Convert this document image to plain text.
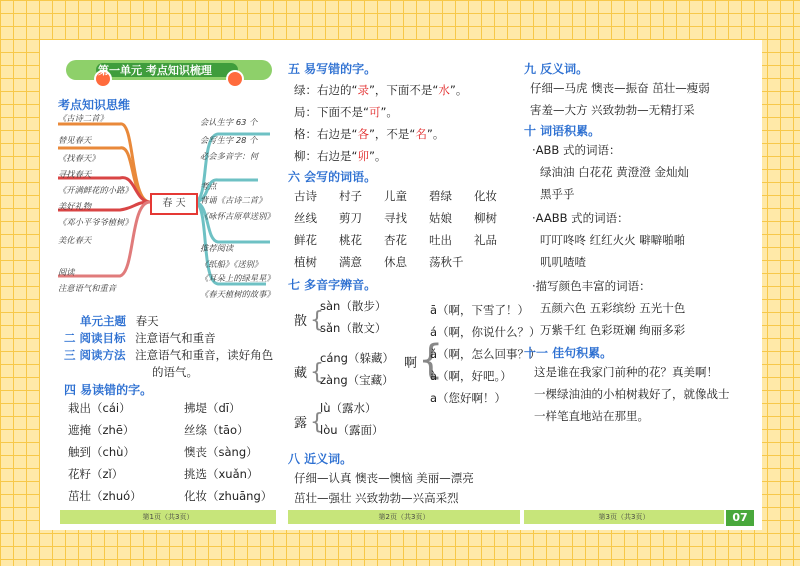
第一单元 考点知识梳理
考点知识思维
春 天
《古诗二首》
替见春天
《找春天》
寻找春天
《开满鲜花的小路》
美好礼物
《邓小平爷爷植树》
美化春天
阅读
注意语气和重音
会认生字 63 个
会写生字 28 个
必会多音字：何
考点
背诵《古诗二首》
《咏怀古原草送别》
推荐阅读
《纸船》《送别》
《耳朵上的绿星星》
《春天植树的故事》
单元主题 春天
二 阅读目标 注意语气和重音
三 阅读方法 注意语气和重音，读好角色
的语气。
四 易读错的字。
栽出（cái）	拂堤（dī）
遮掩（zhē）	丝绦（tāo）
触到（chù）	懊丧（sàng）
花籽（zǐ）	挑选（xuǎn）
茁壮（zhuó）	化妆（zhuāng）
第1页（共3页）
五 易写错的字。
绿：右边的“录”，下面不是“水”。
局：下面不是“可”。
格：右边是“各”，不是“名”。
柳：右边是“卯”。
六 会写的词语。
古诗 村子 儿童 碧绿 化妆
丝线 剪刀 寻找 姑娘 柳树
鲜花 桃花 杏花 吐出 礼品
植树 满意 休息 荡秋千
七 多音字辨音。
散 {
sàn（散步）
sǎn（散文）
藏 {
cáng（躲藏）
zàng（宝藏）
露 {
lù（露水）
lòu（露面）
啊 {
ā（啊，下雪了！）
á（啊，你说什么？）
ǎ（啊，怎么回事？）
à（啊，好吧。）
a（您好啊！）
八 近义词。
仔细—认真 懊丧—懊恼 美丽—漂亮
茁壮—强壮 兴致勃勃—兴高采烈
第2页（共3页）
九 反义词。
仔细—马虎 懊丧—振奋 茁壮—瘦弱
害羞—大方 兴致勃勃—无精打采
十 词语积累。
·ABB 式的词语：
绿油油 白花花 黄澄澄 金灿灿
黑乎乎
·AABB 式的词语：
叮叮咚咚 红红火火 噼噼啪啪
叽叽喳喳
·描写颜色丰富的词语：
五颜六色 五彩缤纷 五光十色
万紫千红 色彩斑斓 绚丽多彩
十一 佳句积累。
这是谁在我家门前种的花？真美啊！
一棵绿油油的小柏树栽好了，就像战士
一样笔直地站在那里。
第3页（共3页）	07
